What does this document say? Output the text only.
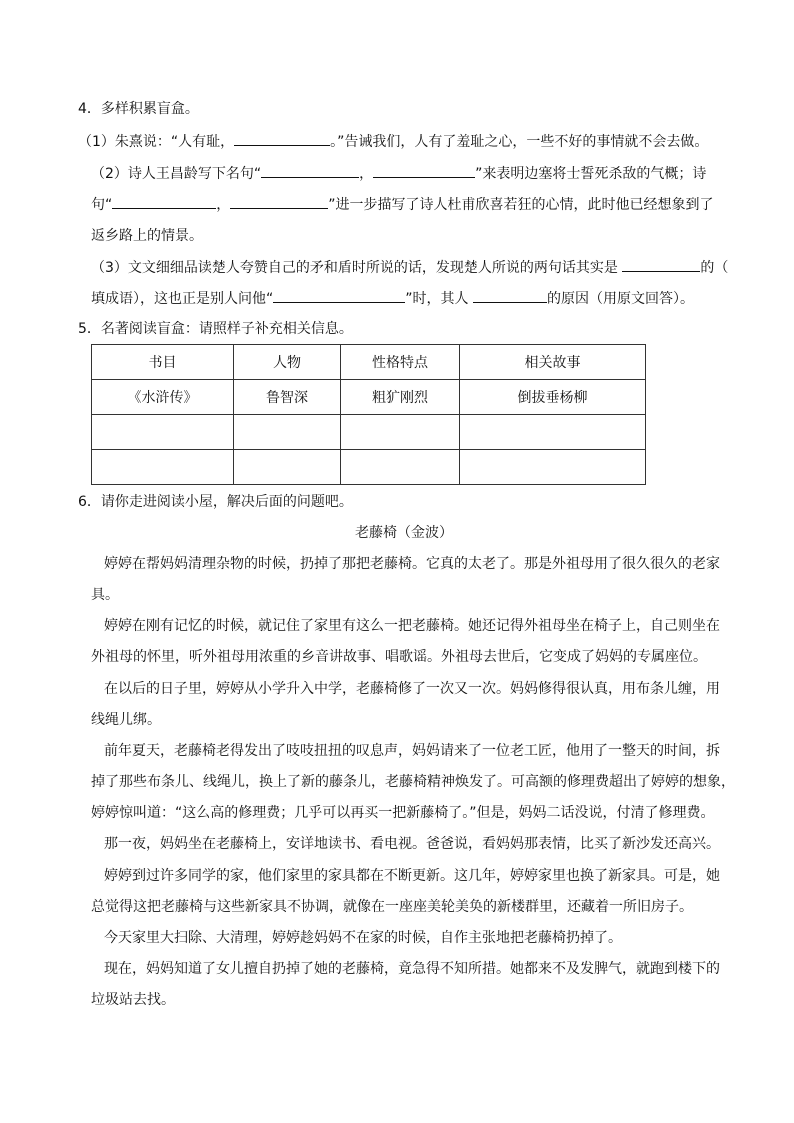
4．多样积累盲盒。
（1）朱熹说：“人有耻，	。”告诫我们，人有了羞耻之心，一些不好的事情就不会去做。
（2）诗人王昌龄写下名句“	，	”来表明边塞将士誓死杀敌的气概；诗
句“	，	”进一步描写了诗人杜甫欣喜若狂的心情，此时他已经想象到了
返乡路上的情景。
（3）文文细细品读楚人夸赞自己的矛和盾时所说的话，发现楚人所说的两句话其实是	的（
填成语），这也正是别人问他“	”时，其人	的原因（用原文回答）。
5．名著阅读盲盒：请照样子补充相关信息。
书目	人物	性格特点	相关故事
《水浒传》	鲁智深	粗犷刚烈	倒拔垂杨柳

6．请你走进阅读小屋，解决后面的问题吧。
老藤椅（金波）
婷婷在帮妈妈清理杂物的时候，扔掉了那把老藤椅。它真的太老了。那是外祖母用了很久很久的老家
具。
婷婷在刚有记忆的时候，就记住了家里有这么一把老藤椅。她还记得外祖母坐在椅子上，自己则坐在
外祖母的怀里，听外祖母用浓重的乡音讲故事、唱歌谣。外祖母去世后，它变成了妈妈的专属座位。
在以后的日子里，婷婷从小学升入中学，老藤椅修了一次又一次。妈妈修得很认真，用布条儿缠，用
线绳儿绑。
前年夏天，老藤椅老得发出了吱吱扭扭的叹息声，妈妈请来了一位老工匠，他用了一整天的时间，拆
掉了那些布条儿、线绳儿，换上了新的藤条儿，老藤椅精神焕发了。可高额的修理费超出了婷婷的想象，
婷婷惊叫道：“这么高的修理费；几乎可以再买一把新藤椅了。”但是，妈妈二话没说，付清了修理费。
那一夜，妈妈坐在老藤椅上，安详地读书、看电视。爸爸说，看妈妈那表情，比买了新沙发还高兴。
婷婷到过许多同学的家，他们家里的家具都在不断更新。这几年，婷婷家里也换了新家具。可是，她
总觉得这把老藤椅与这些新家具不协调，就像在一座座美轮美奂的新楼群里，还藏着一所旧房子。
今天家里大扫除、大清理，婷婷趁妈妈不在家的时候，自作主张地把老藤椅扔掉了。
现在，妈妈知道了女儿擅自扔掉了她的老藤椅，竟急得不知所措。她都来不及发脾气，就跑到楼下的
垃圾站去找。
